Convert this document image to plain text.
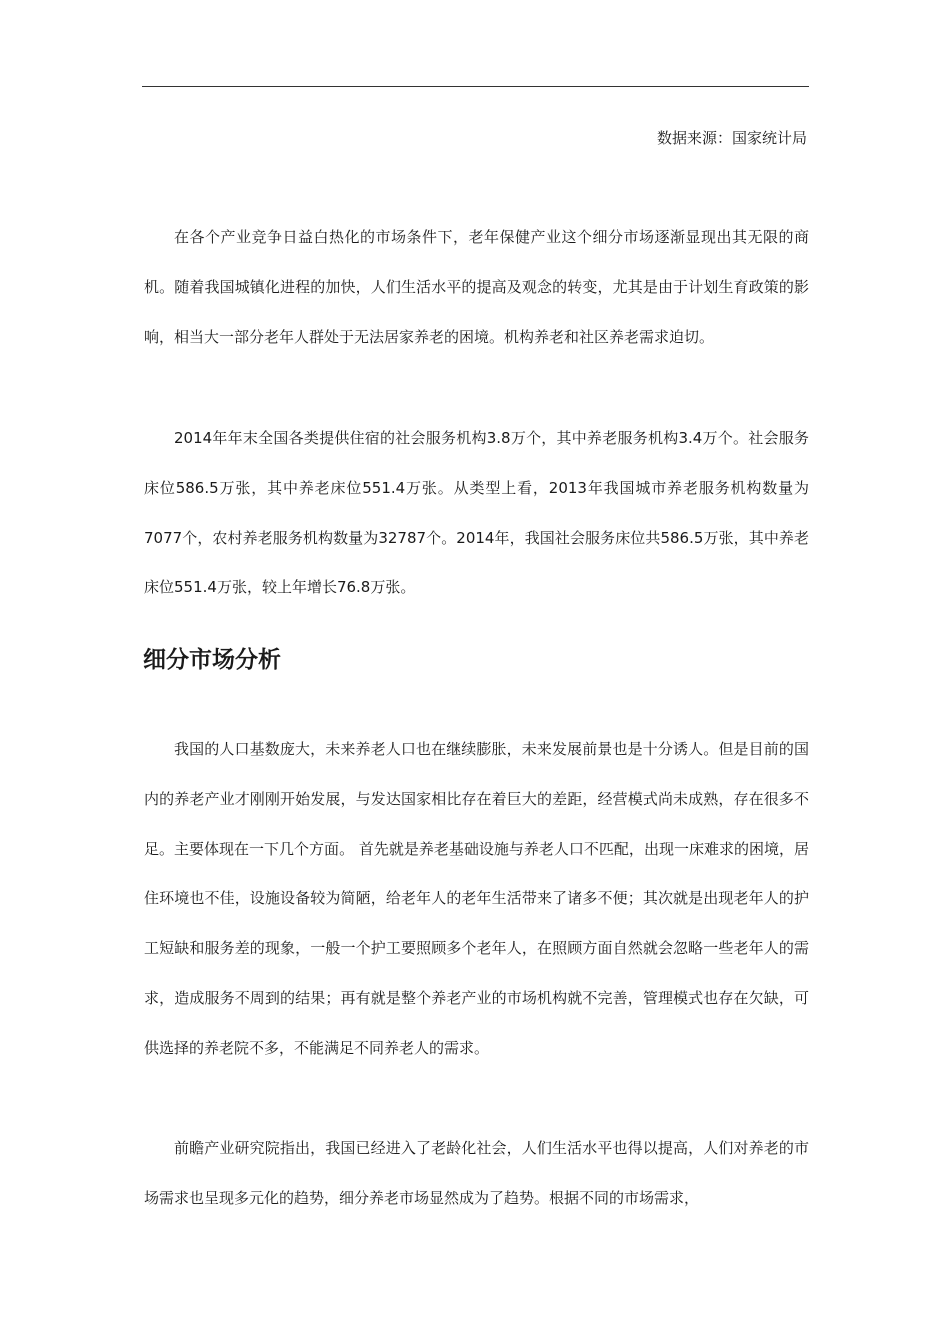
数据来源：国家统计局

在各个产业竞争日益白热化的市场条件下，老年保健产业这个细分市场逐渐显现出其无限的商机。随着我国城镇化进程的加快，人们生活水平的提高及观念的转变，尤其是由于计划生育政策的影响，相当大一部分老年人群处于无法居家养老的困境。机构养老和社区养老需求迫切。

2014年年末全国各类提供住宿的社会服务机构3.8万个，其中养老服务机构3.4万个。社会服务床位586.5万张，其中养老床位551.4万张。从类型上看，2013年我国城市养老服务机构数量为7077个，农村养老服务机构数量为32787个。2014年，我国社会服务床位共586.5万张，其中养老床位551.4万张，较上年增长76.8万张。

细分市场分析

我国的人口基数庞大，未来养老人口也在继续膨胀，未来发展前景也是十分诱人。但是目前的国内的养老产业才刚刚开始发展，与发达国家相比存在着巨大的差距，经营模式尚未成熟，存在很多不足。主要体现在一下几个方面。 首先就是养老基础设施与养老人口不匹配，出现一床难求的困境，居住环境也不佳，设施设备较为简陋，给老年人的老年生活带来了诸多不便；其次就是出现老年人的护工短缺和服务差的现象，一般一个护工要照顾多个老年人，在照顾方面自然就会忽略一些老年人的需求，造成服务不周到的结果；再有就是整个养老产业的市场机构就不完善，管理模式也存在欠缺，可供选择的养老院不多，不能满足不同养老人的需求。

前瞻产业研究院指出，我国已经进入了老龄化社会，人们生活水平也得以提高，人们对养老的市场需求也呈现多元化的趋势，细分养老市场显然成为了趋势。根据不同的市场需求，
